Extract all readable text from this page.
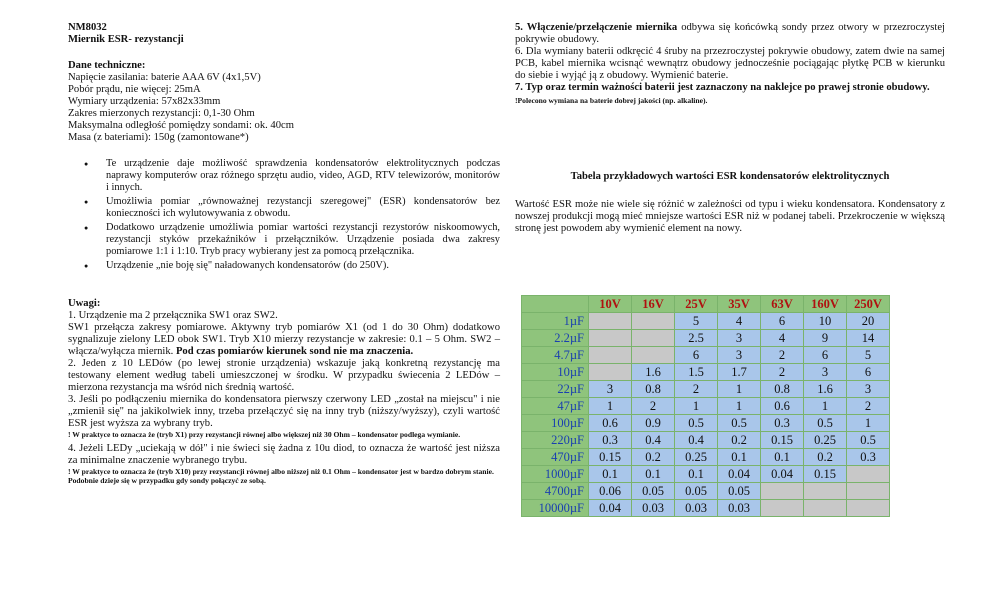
NM8032

Miernik ESR- rezystancji

Dane techniczne:

Napięcie zasilania: baterie AAA 6V (4x1,5V)

Pobór prądu, nie więcej: 25mA

Wymiary urządzenia: 57x82x33mm

Zakres mierzonych rezystancji: 0,1-30 Ohm

Maksymalna odległość pomiędzy sondami: ok. 40cm

Masa (z bateriami): 150g (zamontowane*)

● Te urządzenie daje możliwość sprawdzenia kondensatorów elektrolitycznych podczas naprawy komputerów oraz różnego sprzętu audio, video, AGD, RTV telewizorów, monitorów i innych.
● Umożliwia pomiar „równoważnej rezystancji szeregowej" (ESR) kondensatorów bez konieczności ich wylutowywania z obwodu.
● Dodatkowo urządzenie umożliwia pomiar wartości rezystancji rezystorów niskoomowych, rezystancji styków przekaźników i przełączników. Urządzenie posiada dwa zakresy pomiarowe 1:1 i 1:10. Tryb pracy wybierany jest za pomocą przełącznika.
● Urządzenie „nie boję się" naładowanych kondensatorów (do 250V).

Uwagi:

1. Urządzenie ma 2 przełącznika SW1 oraz SW2.

SW1 przełącza zakresy pomiarowe. Aktywny tryb pomiarów X1 (od 1 do 30 Ohm) dodatkowo sygnalizuje zielony LED obok SW1. Tryb X10 mierzy rezystancje w zakresie: 0.1 – 5 Ohm. SW2 – włącza/wyłącza miernik. Pod czas pomiarów kierunek sond nie ma znaczenia.

2. Jeden z 10 LEDów (po lewej stronie urządzenia) wskazuje jaką konkretną rezystancję ma testowany element według tabeli umieszczonej w środku. W przypadku świecenia 2 LEDów – mierzona rezystancja ma wśród nich średnią wartość.

3. Jeśli po podłączeniu miernika do kondensatora pierwszy czerwony LED „został na miejscu" i nie „zmienił się" na jakikolwiek inny, trzeba przełączyć się na inny tryb (niższy/wyższy), czyli wartość ESR jest wyższa za wybrany tryb.

! W praktyce to oznacza że (tryb X1) przy rezystancji równej albo większej niż 30 Ohm – kondensator podlega wymianie.

4. Jeżeli LEDy „uciekają w dół" i nie świeci się żadna z 10u diod, to oznacza że wartość jest niższa za minimalne znaczenie wybranego trybu.

! W praktyce to oznacza że (tryb X10) przy rezystancji równej albo niższej niż 0.1 Ohm – kondensator jest w bardzo dobrym stanie. Podobnie dzieje się w przypadku gdy sondy połączyć ze sobą.

5. Włączenie/przełączenie miernika odbywa się końcówką sondy przez otwory w przezroczystej pokrywie obudowy.

6. Dla wymiany baterii odkręcić 4 śruby na przezroczystej pokrywie obudowy, zatem dwie na samej PCB, kabel miernika wcisnąć wewnątrz obudowy jednocześnie pociągając płytkę PCB w kierunku do siebie i wyjąć ją z obudowy. Wymienić baterie.

7. Typ oraz termin ważności baterii jest zaznaczony na naklejce po prawej stronie obudowy.

!Polecono wymiana na baterie dobrej jakości (np. alkaline).

Tabela przykładowych wartości ESR kondensatorów elektrolitycznych

Wartość ESR może nie wiele się różnić w zależności od typu i wieku kondensatora. Kondensatory z nowszej produkcji mogą mieć mniejsze wartości ESR niż w podanej tabeli. Przekroczenie w większą stronę jest powodem aby wymienić element na nowy.

	10V	16V	25V	35V	63V	160V	250V
1µF			5	4	6	10	20
2.2µF			2.5	3	4	9	14
4.7µF			6	3	2	6	5
10µF		1.6	1.5	1.7	2	3	6
22µF	3	0.8	2	1	0.8	1.6	3
47µF	1	2	1	1	0.6	1	2
100µF	0.6	0.9	0.5	0.5	0.3	0.5	1
220µF	0.3	0.4	0.4	0.2	0.15	0.25	0.5
470µF	0.15	0.2	0.25	0.1	0.1	0.2	0.3
1000µF	0.1	0.1	0.1	0.04	0.04	0.15	
4700µF	0.06	0.05	0.05	0.05			
10000µF	0.04	0.03	0.03	0.03			
